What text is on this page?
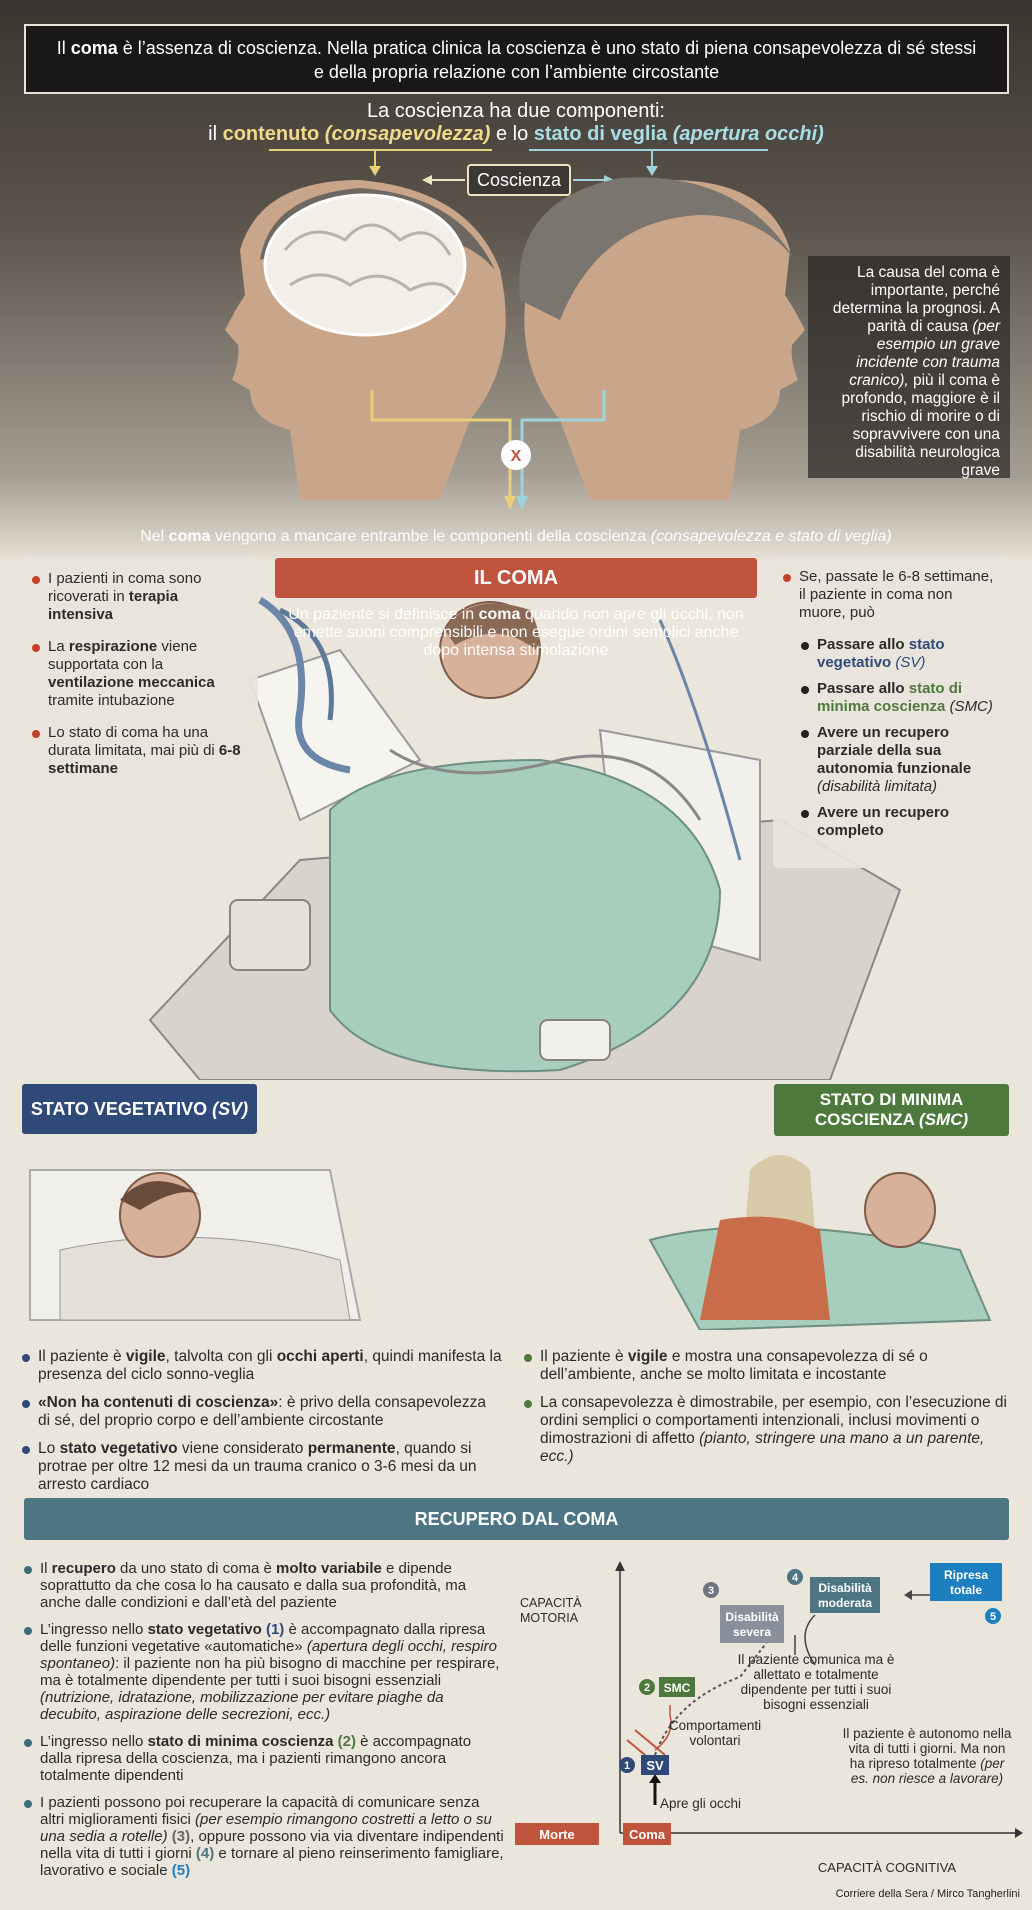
Il coma è l’assenza di coscienza. Nella pratica clinica la coscienza è uno stato di piena consapevolezza di sé stessi e della propria relazione con l’ambiente circostante
La coscienza ha due componenti:
il contenuto (consapevolezza) e lo stato di veglia (apertura occhi)
X
Coscienza
La causa del coma è importante, perché determina la prognosi. A parità di causa (per esempio un grave incidente con trauma cranico), più il coma è profondo, maggiore è il rischio di morire o di sopravvivere con una disabilità neurologica grave
Nel coma vengono a mancare entrambe le componenti della coscienza (consapevolezza e stato di veglia)

I pazienti in coma sono ricoverati in terapia intensiva

La respirazione viene supportata con la ventilazione meccanica tramite intubazione

Lo stato di coma ha una durata limitata, mai più di 6-8 settimane

IL COMA
Un paziente si definisce in coma quando non apre gli occhi, non emette suoni comprensibili e non esegue ordini semplici anche dopo intensa stimolazione

Se, passate le 6-8 settimane, il paziente in coma non muore, può

Passare allo stato vegetativo (SV)

Passare allo stato di minima coscienza (SMC)

Avere un recupero parziale della sua autonomia funzionale (disabilità limitata)

Avere un recupero completo

STATO VEGETATIVO (SV)	STATO DI MINIMA
COSCIENZA (SMC)

Il paziente è vigile, talvolta con gli occhi aperti, quindi manifesta la presenza del ciclo sonno-veglia

«Non ha contenuti di coscienza»: è privo della consapevolezza di sé, del proprio corpo e dell’ambiente circostante

Lo stato vegetativo viene considerato permanente, quando si protrae per oltre 12 mesi da un trauma cranico o 3-6 mesi da un arresto cardiaco

Il paziente è vigile e mostra una consapevolezza di sé o dell’ambiente, anche se molto limitata e incostante

La consapevolezza è dimostrabile, per esempio, con l’esecuzione di ordini semplici o comportamenti intenzionali, inclusi movimenti o dimostrazioni di affetto (pianto, stringere una mano a un parente, ecc.)

RECUPERO DAL COMA

Il recupero da uno stato di coma è molto variabile e dipende soprattutto da che cosa lo ha causato e dalla sua profondità, ma anche dalle condizioni e dall’età del paziente

L’ingresso nello stato vegetativo (1) è accompagnato dalla ripresa delle funzioni vegetative «automatiche» (apertura degli occhi, respiro spontaneo): il paziente non ha più bisogno di macchine per respirare, ma è totalmente dipendente per tutti i suoi bisogni essenziali (nutrizione, idratazione, mobilizzazione per evitare piaghe da decubito, aspirazione delle secrezioni, ecc.)

L’ingresso nello stato di minima coscienza (2) è accompagnato dalla ripresa della coscienza, ma i pazienti rimangono ancora totalmente dipendenti

I pazienti possono poi recuperare la capacità di comunicare senza altri miglioramenti fisici (per esempio rimangono costretti a letto o su una sedia a rotelle) (3), oppure possono via via diventare indipendenti nella vita di tutti i giorni (4) e tornare al pieno reinserimento famigliare, lavorativo e sociale (5)

Morte	Coma
SV
1
SMC
2
Disabilità
severa
3	Disabilità
moderata
4	Ripresa
totale
5
CAPACITÀ MOTORIA
CAPACITÀ COGNITIVA
Apre gli occhi
Comportamenti volontari
Il paziente comunica ma è allettato e totalmente dipendente per tutti i suoi bisogni essenziali
Il paziente è autonomo nella vita di tutti i giorni. Ma non ha ripreso totalmente (per es. non riesce a lavorare)
Corriere della Sera / Mirco Tangherlini
